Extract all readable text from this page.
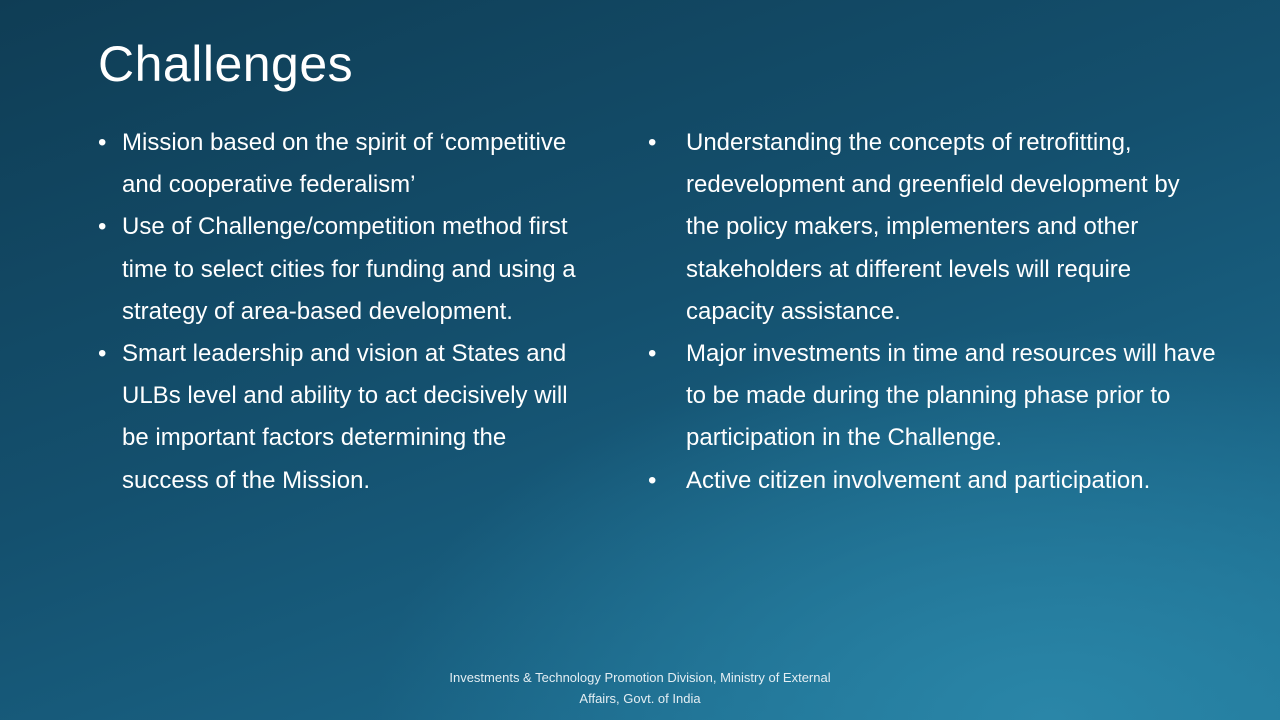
Challenges
• Mission based on the spirit of ‘competitive and cooperative federalism’
• Use of Challenge/competition method first time to select cities for funding and using a strategy of area-based development.
• Smart leadership and vision at States and ULBs level and ability to act decisively will be important factors determining the success of the Mission.
• Understanding the concepts of retrofitting, redevelopment and greenfield development by the policy makers, implementers and other stakeholders at different levels will require capacity assistance.
• Major investments in time and resources will have to be made during the planning phase prior to participation in the Challenge.
• Active citizen involvement and participation.
Investments & Technology Promotion Division, Ministry of External Affairs, Govt. of India
